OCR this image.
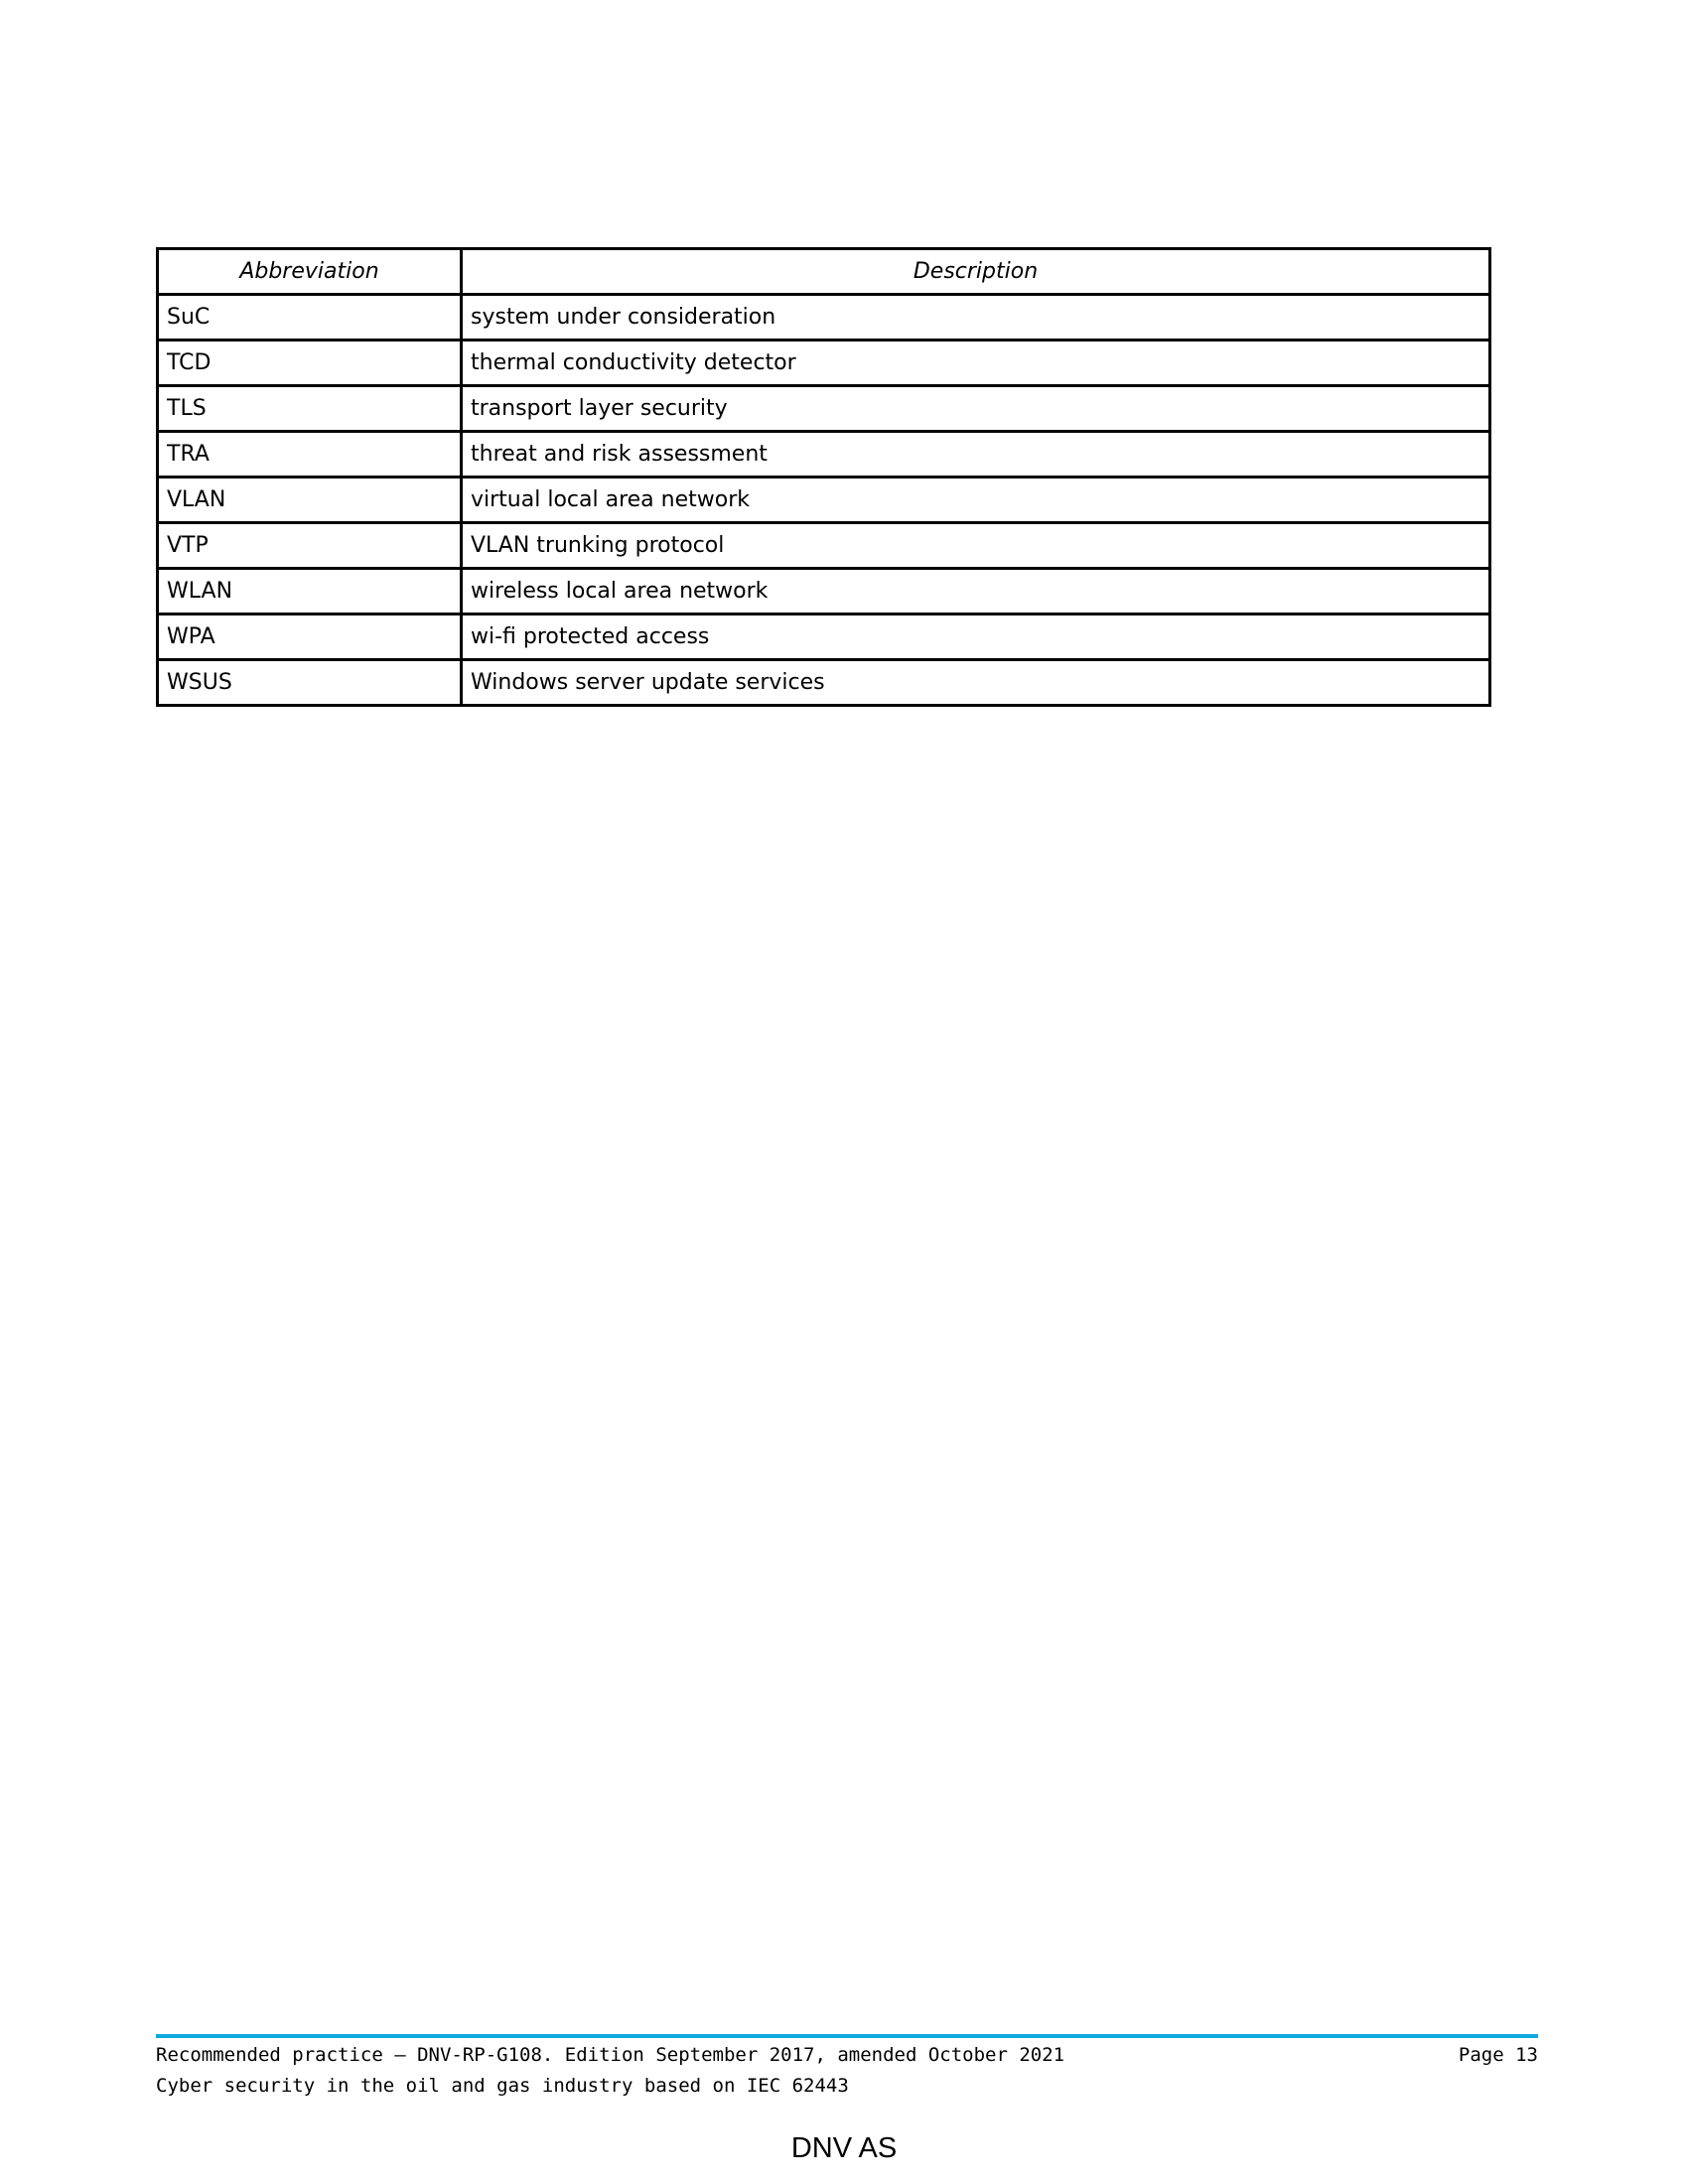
Abbreviation	Description
SuC	system under consideration
TCD	thermal conductivity detector
TLS	transport layer security
TRA	threat and risk assessment
VLAN	virtual local area network
VTP	VLAN trunking protocol
WLAN	wireless local area network
WPA	wi-fi protected access
WSUS	Windows server update services
Recommended practice — DNV-RP-G108. Edition September 2017, amended October 2021
Cyber security in the oil and gas industry based on IEC 62443
Page 13
DNV AS
